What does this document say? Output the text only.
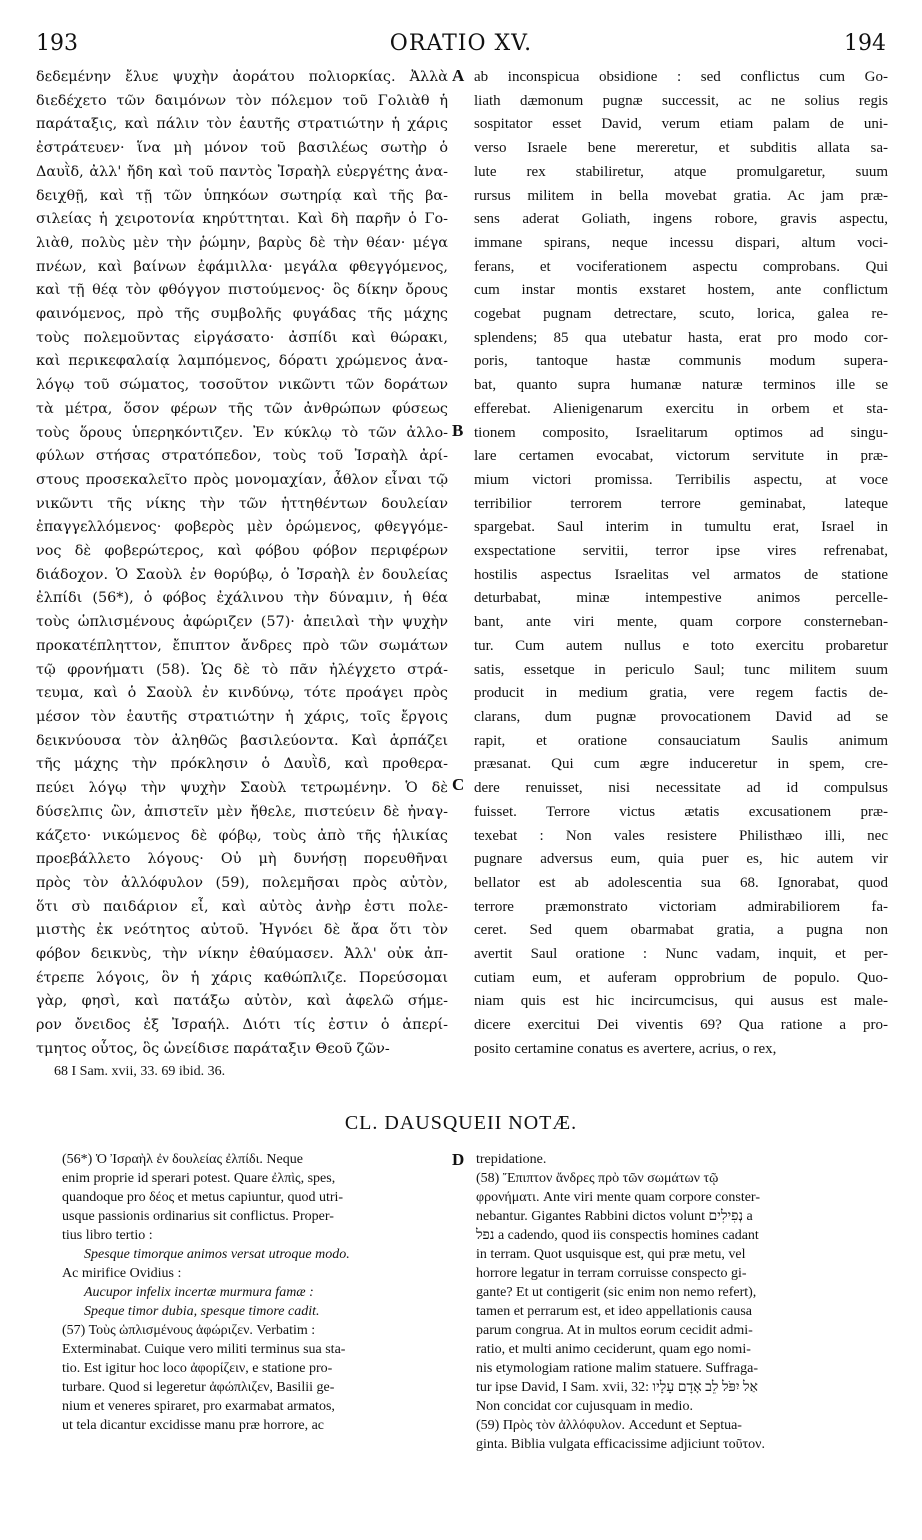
ORATIO XV.
193	194
δεδεμένην ἔλυε ψυχὴν ἀοράτου πολιορκίας. Ἀλλὰ
διεδέχετο τῶν δαιμόνων τὸν πόλεμον τοῦ Γολιὰθ ἡ
παράταξις, καὶ πάλιν τὸν ἑαυτῆς στρατιώτην ἡ χάρις
ἐστράτευεν· ἵνα μὴ μόνον τοῦ βασιλέως σωτὴρ ὁ
Δαυῒδ, ἀλλ' ἤδη καὶ τοῦ παντὸς Ἰσραὴλ εὐεργέτης ἀνα-
δειχθῇ, καὶ τῇ τῶν ὑπηκόων σωτηρίᾳ καὶ τῆς βα-
σιλείας ἡ χειροτονία κηρύττηται. Καὶ δὴ παρῆν ὁ Γο-
λιὰθ, πολὺς μὲν τὴν ῥώμην, βαρὺς δὲ τὴν θέαν· μέγα
πνέων, καὶ βαίνων ἐφάμιλλα· μεγάλα φθεγγόμενος,
καὶ τῇ θέᾳ τὸν φθόγγον πιστούμενος· ὃς δίκην ὄρους
φαινόμενος, πρὸ τῆς συμβολῆς φυγάδας τῆς μάχης
τοὺς πολεμοῦντας εἰργάσατο· ἀσπίδι καὶ θώρακι,
καὶ περικεφαλαίᾳ λαμπόμενος, δόρατι χρώμενος ἀνα-
λόγῳ τοῦ σώματος, τοσοῦτον νικῶντι τῶν δοράτων
τὰ μέτρα, ὅσον φέρων τῆς τῶν ἀνθρώπων φύσεως
τοὺς ὅρους ὑπερηκόντιζεν. Ἐν κύκλῳ τὸ τῶν ἀλλο-
φύλων στήσας στρατόπεδον, τοὺς τοῦ Ἰσραὴλ ἀρί-
στους προσεκαλεῖτο πρὸς μονομαχίαν, ἆθλον εἶναι τῷ
νικῶντι τῆς νίκης τὴν τῶν ἡττηθέντων δουλείαν
ἐπαγγελλόμενος· φοβερὸς μὲν ὁρώμενος, φθεγγόμε-
νος δὲ φοβερώτερος, καὶ φόβου φόβον περιφέρων
διάδοχον. Ὁ Σαοὺλ ἐν θορύβῳ, ὁ Ἰσραὴλ ἐν δουλείας
ἐλπίδι (56*), ὁ φόβος ἐχάλινου τὴν δύναμιν, ἡ θέα
τοὺς ὡπλισμένους ἀφώριζεν (57)· ἀπειλαὶ τὴν ψυχὴν
προκατέπληττον, ἔπιπτον ἄνδρες πρὸ τῶν σωμάτων
τῷ φρονήματι (58). Ὡς δὲ τὸ πᾶν ἠλέγχετο στρά-
τευμα, καὶ ὁ Σαοὺλ ἐν κινδύνῳ, τότε προάγει πρὸς
μέσον τὸν ἑαυτῆς στρατιώτην ἡ χάρις, τοῖς ἔργοις
δεικνύουσα τὸν ἀληθῶς βασιλεύοντα. Καὶ ἁρπάζει
τῆς μάχης τὴν πρόκλησιν ὁ Δαυῒδ, καὶ προθερα-
πεύει λόγῳ τὴν ψυχὴν Σαοὺλ τετρωμένην. Ὁ δὲ
δύσελπις ὢν, ἀπιστεῖν μὲν ἤθελε, πιστεύειν δὲ ἠναγ-
κάζετο· νικώμενος δὲ φόβῳ, τοὺς ἀπὸ τῆς ἡλικίας
προεβάλλετο λόγους· Οὐ μὴ δυνήσῃ πορευθῆναι
πρὸς τὸν ἀλλόφυλον (59), πολεμῆσαι πρὸς αὐτὸν,
ὅτι σὺ παιδάριον εἶ, καὶ αὐτὸς ἀνὴρ ἐστι πολε-
μιστὴς ἐκ νεότητος αὐτοῦ. Ἠγνόει δὲ ἄρα ὅτι τὸν
φόβον δεικνὺς, τὴν νίκην ἐθαύμασεν. Ἀλλ' οὐκ ἀπ-
έτρεπε λόγοις, ὃν ἡ χάρις καθώπλιζε. Πορεύσομαι
γὰρ, φησὶ, καὶ πατάξω αὐτὸν, καὶ ἀφελῶ σήμε-
ρον ὄνειδος ἐξ Ἰσραήλ. Διότι τίς ἐστιν ὁ ἀπερί-
τμητος οὗτος, ὃς ὠνείδισε παράταξιν Θεοῦ ζῶν-
ab inconspicua obsidione : sed conflictus cum Go-
liath dæmonum pugnæ successit, ac ne solius regis
sospitator esset David, verum etiam palam de uni-
verso Israele bene mereretur, et subditis allata sa-
lute rex stabiliretur, atque promulgaretur, suum
rursus militem in bella movebat gratia. Ac jam præ-
sens aderat Goliath, ingens robore, gravis aspectu,
immane spirans, neque incessu dispari, altum voci-
ferans, et vociferationem aspectu comprobans. Qui
cum instar montis exstaret hostem, ante conflictum
cogebat pugnam detrectare, scuto, lorica, galea re-
splendens; 85 qua utebatur hasta, erat pro modo cor-
poris, tantoque hastæ communis modum supera-
bat, quanto supra humanæ naturæ terminos ille se
efferebat. Alienigenarum exercitu in orbem et sta-
tionem composito, Israelitarum optimos ad singu-
lare certamen evocabat, victorum servitute in præ-
mium victori promissa. Terribilis aspectu, at voce
terribilior terrorem terrore geminabat, lateque
spargebat. Saul interim in tumultu erat, Israel in
exspectatione servitii, terror ipse vires refrenabat,
hostilis aspectus Israelitas vel armatos de statione
deturbabat, minæ intempestive animos percelle-
bant, ante viri mente, quam corpore consterneban-
tur. Cum autem nullus e toto exercitu probaretur
satis, essetque in periculo Saul; tunc militem suum
producit in medium gratia, vere regem factis de-
clarans, dum pugnæ provocationem David ad se
rapit, et oratione consauciatum Saulis animum
præsanat. Qui cum ægre induceretur in spem, cre-
dere renuisset, nisi necessitate ad id compulsus
fuisset. Terrore victus ætatis excusationem præ-
texebat : Non vales resistere Philisthæo illi, nec
pugnare adversus eum, quia puer es, hic autem vir
bellator est ab adolescentia sua 68. Ignorabat, quod
terrore præmonstrato victoriam admirabiliorem fa-
ceret. Sed quem obarmabat gratia, a pugna non
avertit Saul oratione : Nunc vadam, inquit, et per-
cutiam eum, et auferam opprobrium de populo. Quo-
niam quis est hic incircumcisus, qui ausus est male-
dicere exercitui Dei viventis 69? Qua ratione a pro-
posito certamine conatus es avertere, acrius, o rex,
A
B
C
D
68 I Sam. xvii, 33. 69 ibid. 36.
CL. DAUSQUEII NOTÆ.
(56*) Ὁ Ἰσραὴλ ἐν δουλείας ἐλπίδι. Neque
enim proprie id sperari potest. Quare ἐλπὶς, spes,
quandoque pro δέος et metus capiuntur, quod utri-
usque passionis ordinarius sit conflictus. Proper-
tius libro tertio :
Spesque timorque animos versat utroque modo.
Ac mirifice Ovidius :
Aucupor infelix incertæ murmura famæ :
Speque timor dubia, spesque timore cadit.
(57) Τοὺς ὡπλισμένους ἀφώριζεν. Verbatim :
Exterminabat. Cuique vero militi terminus sua sta-
tio. Est igitur hoc loco ἀφορίζειν, e statione pro-
turbare. Quod si legeretur ἀφώπλιζεν, Basilii ge-
nium et veneres spiraret, pro exarmabat armatos,
ut tela dicantur excidisse manu præ horrore, ac
trepidatione.
(58) Ἔπιπτον ἄνδρες πρὸ τῶν σωμάτων τῷ
φρονήματι. Ante viri mente quam corpore conster-
nebantur. Gigantes Rabbini dictos volunt נְפִילִים a
נפל a cadendo, quod iis conspectis homines cadant
in terram. Quot usquisque est, qui præ metu, vel
horrore legatur in terram corruisse conspecto gi-
gante? Et ut contigerit (sic enim non nemo refert),
tamen et perrarum est, et ideo appellationis causa
parum congrua. At in multos eorum cecidit admi-
ratio, et multi animo ceciderunt, quam ego nomi-
nis etymologiam ratione malim statuere. Suffraga-
tur ipse David, I Sam. xvii, 32: אַל יִפֹּל לֵב אָדָם עָלָיו
Non concidat cor cujusquam in medio.
(59) Πρὸς τὸν ἀλλόφυλον. Accedunt et Septua-
ginta. Biblia vulgata efficacissime adjiciunt τοῦτον.
